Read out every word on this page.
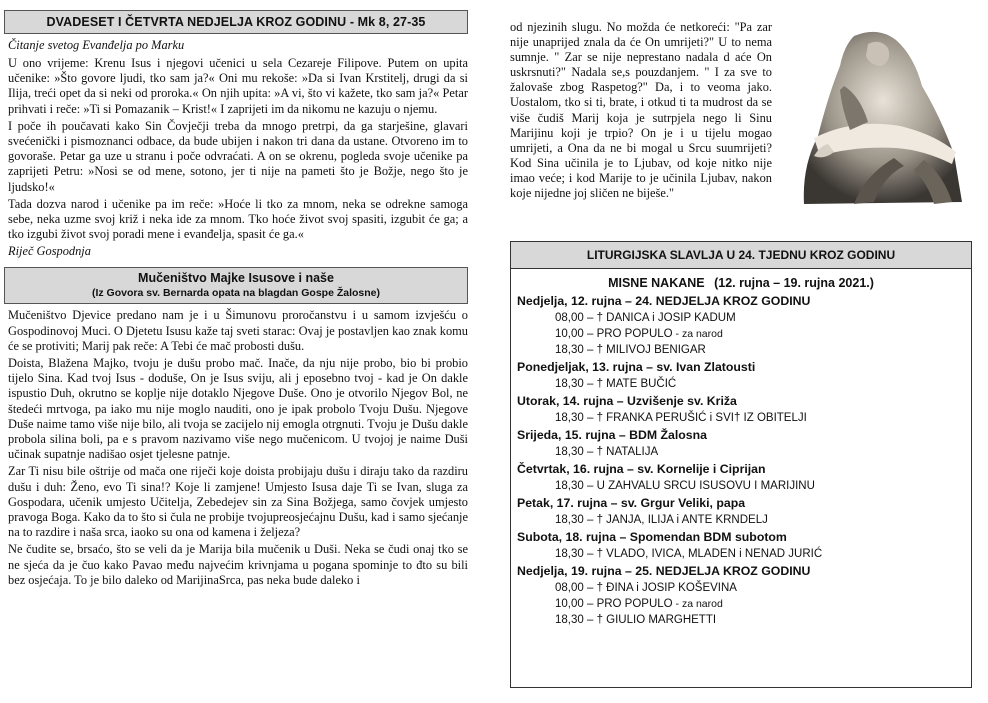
DVADESET I ČETVRTA NEDJELJA KROZ GODINU - Mk 8, 27-35
Čitanje svetog Evanđelja po Marku

U ono vrijeme: Krenu Isus i njegovi učenici u sela Cezareje Filipove. Putem on upita učenike: »Što govore ljudi, tko sam ja?« Oni mu rekoše: »Da si Ivan Krstitelj, drugi da si Ilija, treći opet da si neki od proroka.« On njih upita: »A vi, što vi kažete, tko sam ja?« Petar prihvati i reče: »Ti si Pomazanik – Krist!« I zaprijeti im da nikomu ne kazuju o njemu.

I poče ih poučavati kako Sin Čovječji treba da mnogo pretrpi, da ga starješine, glavari svećenički i pismoznanci odbace, da bude ubijen i nakon tri dana da ustane. Otvoreno im to govoraše. Petar ga uze u stranu i poče odvraćati. A on se okrenu, pogleda svoje učenike pa zaprijeti Petru: »Nosi se od mene, sotono, jer ti nije na pameti što je Božje, nego što je ljudsko!«

Tada dozva narod i učenike pa im reče: »Hoće li tko za mnom, neka se odrekne samoga sebe, neka uzme svoj križ i neka ide za mnom. Tko hoće život svoj spasiti, izgubit će ga; a tko izgubi život svoj poradi mene i evanđelja, spasit će ga.«

Riječ Gospodnja
Mučeništvo Majke Isusove i naše
(Iz Govora sv. Bernarda opata na blagdan Gospe Žalosne)

Mučeništvo Djevice predano nam je i u Šimunovu proročanstvu i u samom izvješću o Gospodinovoj Muci. O Djetetu Isusu kaže taj sveti starac: Ovaj je postavljen kao znak komu će se protiviti; Marij pak reče: A Tebi će mač probosti dušu.

Doista, Blažena Majko, tvoju je dušu probo mač. Inače, da nju nije probo, bio bi probio tijelo Sina. Kad tvoj Isus - doduše, On je Isus sviju, ali j eposebno tvoj - kad je On dakle ispustio Duh, okrutno se koplje nije dotaklo Njegove Duše. Ono je otvorilo Njegov Bol, ne štedeći mrtvoga, pa iako mu nije moglo nauditi, ono je ipak probolo Tvoju Dušu. Njegove Duše naime tamo više nije bilo, ali tvoja se zacijelo nij emogla otrgnuti. Tvoju je Dušu dakle probola silina boli, pa e s pravom nazivamo više nego mučenicom. U tvojoj je naime Duši učinak supatnje nadišao osjet tjelesne patnje.

Zar Ti nisu bile oštrije od mača one riječi koje doista probijaju dušu i diraju tako da razdiru dušu i duh: Ženo, evo Ti sina!? Koje li zamjene! Umjesto Isusa daje Ti se Ivan, sluga za Gospodara, učenik umjesto Učitelja, Zebedejev sin za Sina Božjega, samo čovjek umjesto pravoga Boga. Kako da to što si čula ne probije tvojupreosjećajnu Dušu, kad i samo sjećanje na to razdire i naša srca, iaoko su ona od kamena i željeza?

Ne čudite se, brsaćo, što se veli da je Marija bila mučenik u Duši. Neka se čudi onaj tko se ne sjeća da je čuo kako Pavao među najvećim krivnjama u pogana spominje to đto su bili bez osjećaja. To je bilo daleko od MarijinaSrca, pas neka bude daleko i

od njezinih slugu. No možda će netkoreći: "Pa zar nije unaprijed znala da će On umrijeti?" U to nema sumnje. " Zar se nije neprestano nadala d aće On uskrsnuti?" Nadala se,s pouzdanjem. " I za sve to žalovaše zbog Raspetog?" Da, i to veoma jako. Uostalom, tko si ti, brate, i otkud ti ta mudrost da se više čudiš Marij koja je sutrpjela nego li Sinu Marijinu koji je trpio? On je i u tijelu mogao umrijeti, a Ona da ne bi mogal u Srcu suumrijeti? Kod Sina učinila je to Ljubav, od koje nitko nije imao veće; i kod Marije to je učinila Ljubav, nakon koje nijedne joj sličen ne biješe."

LITURGIJSKA SLAVLJA U 24. TJEDNU KROZ GODINU
MISNE NAKANE (12. rujna – 19. rujna 2021.)
Nedjelja, 12. rujna – 24. NEDJELJA KROZ GODINU
08,00 – † DANICA i JOSIP KADUM
10,00 – PRO POPULO - za narod
18,30 – † MILIVOJ BENIGAR
Ponedjeljak, 13. rujna – sv. Ivan Zlatousti
18,30 – † MATE BUČIĆ
Utorak, 14. rujna – Uzvišenje sv. Križa
18,30 – † FRANKA PERUŠIĆ i SVI† IZ OBITELJI
Srijeda, 15. rujna – BDM Žalosna
18,30 – † NATALIJA
Četvrtak, 16. rujna – sv. Kornelije i Ciprijan
18,30 – U ZAHVALU SRCU ISUSOVU I MARIJINU
Petak, 17. rujna – sv. Grgur Veliki, papa
18,30 – † JANJA, ILIJA i ANTE KRNDELJ
Subota, 18. rujna – Spomendan BDM subotom
18,30 – † VLADO, IVICA, MLADEN i NENAD JURIĆ
Nedjelja, 19. rujna – 25. NEDJELJA KROZ GODINU
08,00 – † ĐINA i JOSIP KOŠEVINA
10,00 – PRO POPULO - za narod
18,30 – † GIULIO MARGHETTI
